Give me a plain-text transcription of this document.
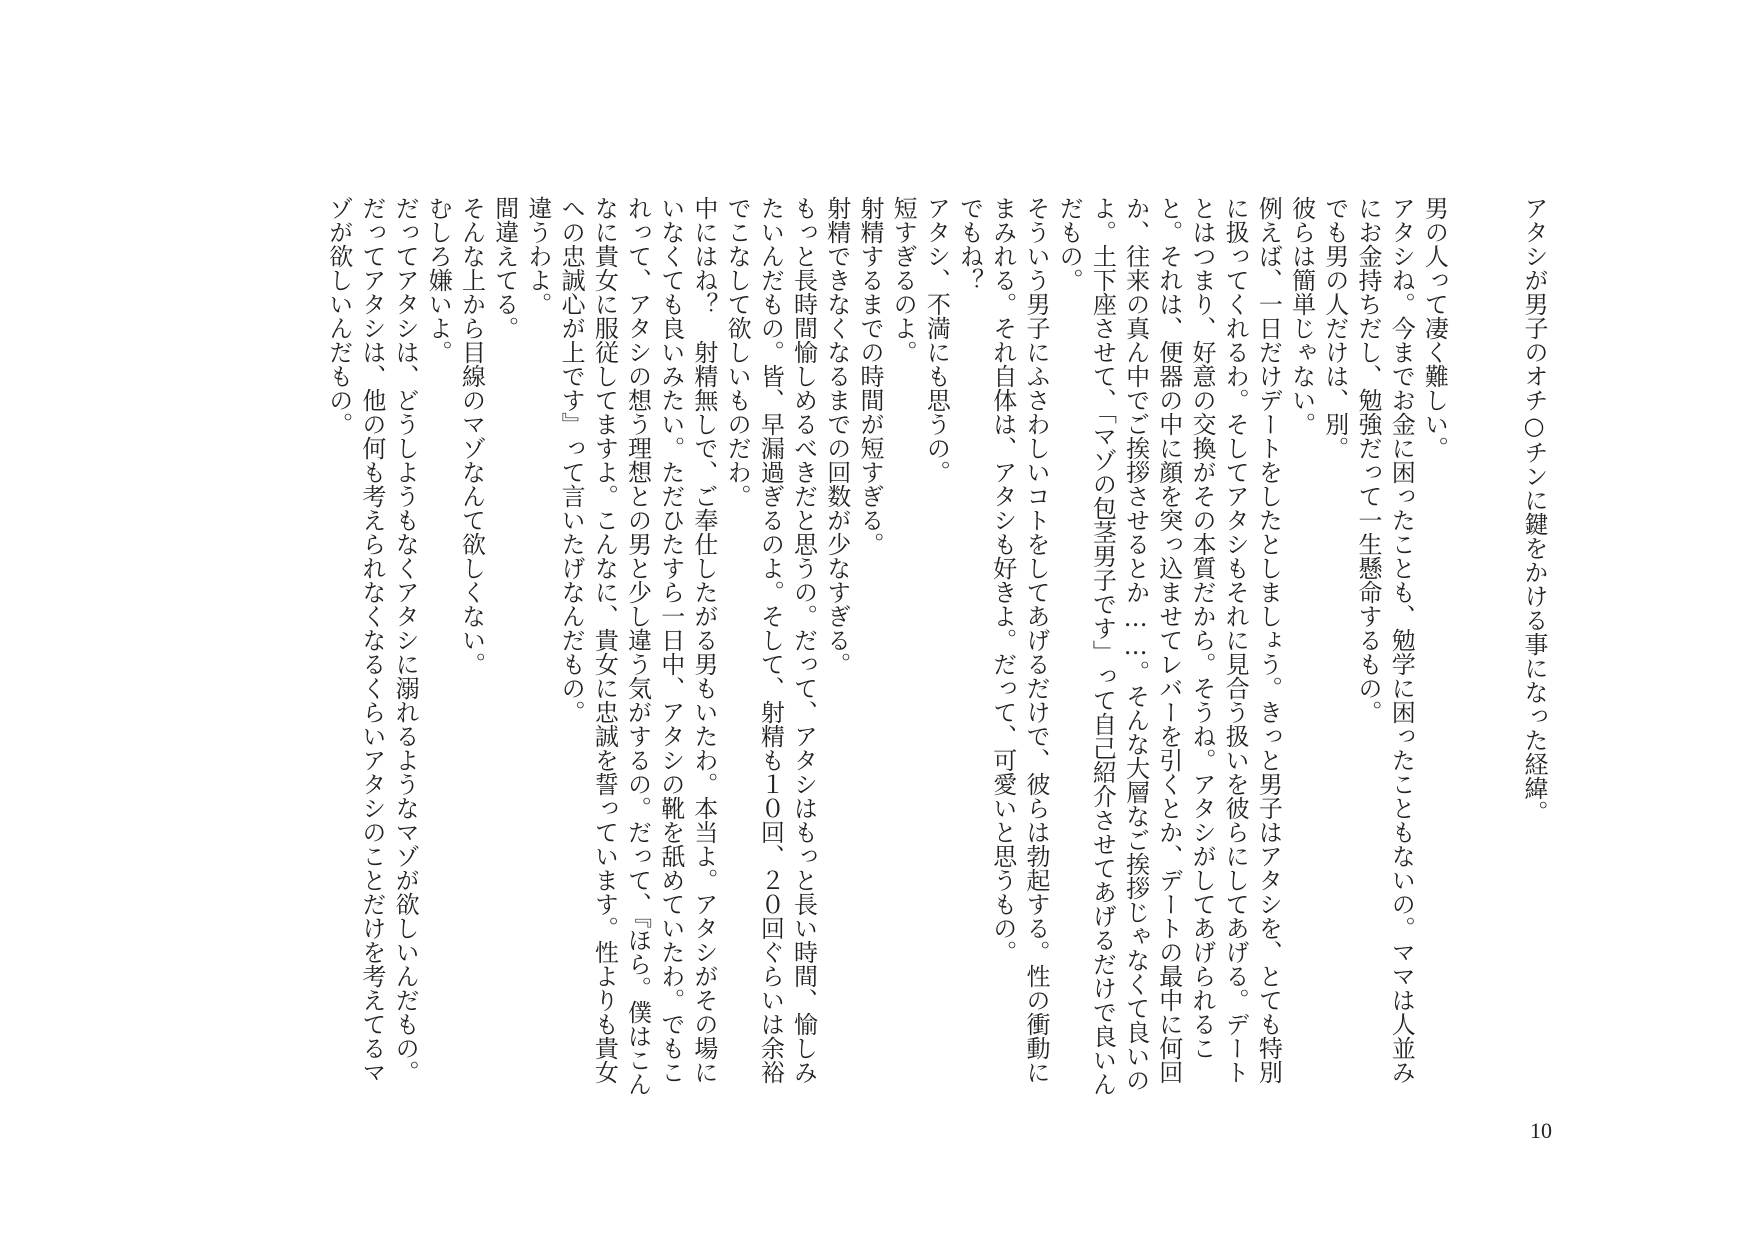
アタシが男子のオチ○チンに鍵をかける事になった経緯。

男の人って凄く難しい。

アタシね。今までお金に困ったことも、勉学に困ったこともないの。ママは人並みにお金持ちだし、勉強だって一生懸命するもの。

でも男の人だけは、別。

彼らは簡単じゃない。

例えば、一日だけデートをしたとしましょう。きっと男子はアタシを、とても特別に扱ってくれるわ。そしてアタシもそれに見合う扱いを彼らにしてあげる。デートとはつまり、好意の交換がその本質だから。そうね。アタシがしてあげられること。それは、便器の中に顔を突っ込ませてレバーを引くとか、デートの最中に何回か、往来の真ん中でご挨拶させるとか……。そんな大層なご挨拶じゃなくて良いのよ。土下座させて、「マゾの包茎男子です」って自己紹介させてあげるだけで良いんだもの。

そういう男子にふさわしいコトをしてあげるだけで、彼らは勃起する。性の衝動にまみれる。それ自体は、アタシも好きよ。だって、可愛いと思うもの。

でもね？

アタシ、不満にも思うの。

短すぎるのよ。

射精するまでの時間が短すぎる。

射精できなくなるまでの回数が少なすぎる。

もっと長時間愉しめるべきだと思うの。だって、アタシはもっと長い時間、愉しみたいんだもの。皆、早漏過ぎるのよ。そして、射精も１０回、２０回ぐらいは余裕でこなして欲しいものだわ。

中にはね？　射精無しで、ご奉仕したがる男もいたわ。本当よ。アタシがその場にいなくても良いみたい。ただひたすら一日中、アタシの靴を舐めていたわ。でもこれって、アタシの想う理想との男と少し違う気がするの。だって、『ほら。僕はこんなに貴女に服従してますよ。こんなに、貴女に忠誠を誓っています。性よりも貴女への忠誠心が上です』って言いたげなんだもの。

違うわよ。

間違えてる。

そんな上から目線のマゾなんて欲しくない。

むしろ嫌いよ。

だってアタシは、どうしようもなくアタシに溺れるようなマゾが欲しいんだもの。

だってアタシは、他の何も考えられなくなるくらいアタシのことだけを考えてるマゾが欲しいんだもの。

10
